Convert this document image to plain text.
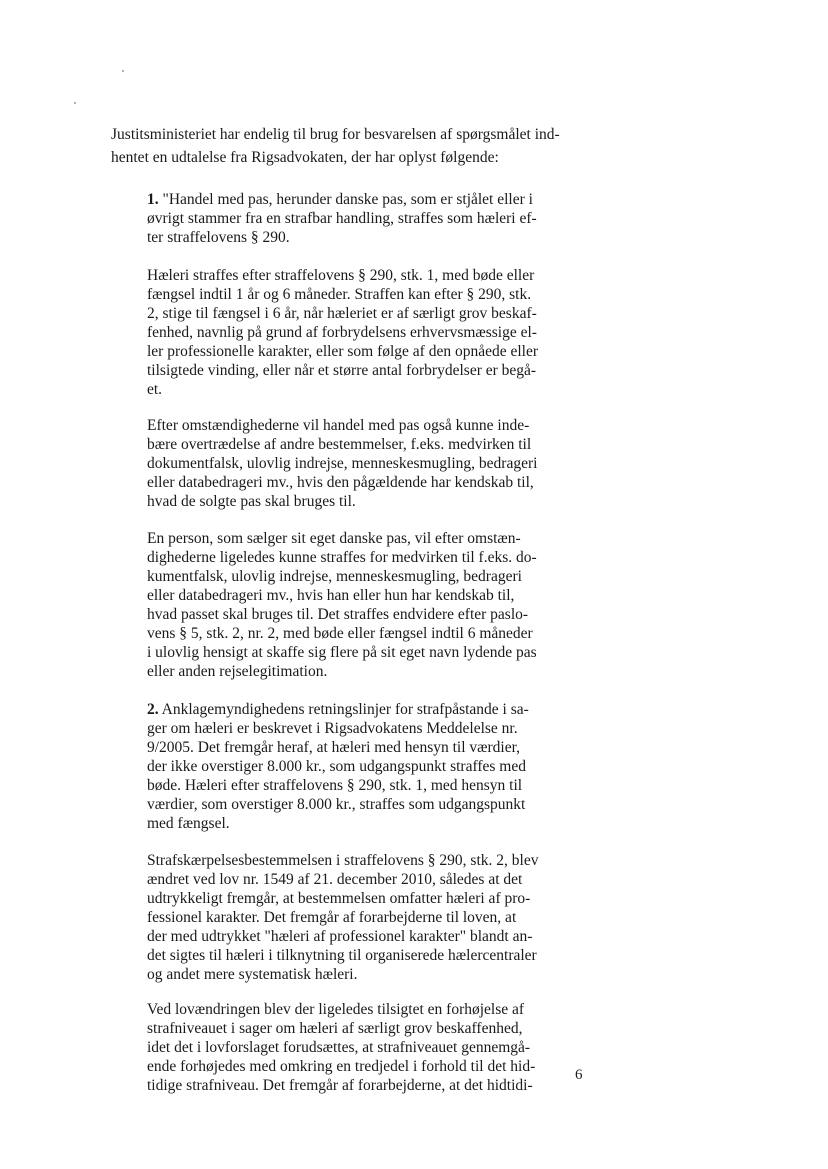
Justitsministeriet har endelig til brug for besvarelsen af spørgsmålet ind-
hentet en udtalelse fra Rigsadvokaten, der har oplyst følgende:
1. "Handel med pas, herunder danske pas, som er stjålet eller i
øvrigt stammer fra en strafbar handling, straffes som hæleri ef-
ter straffelovens § 290.
Hæleri straffes efter straffelovens § 290, stk. 1, med bøde eller
fængsel indtil 1 år og 6 måneder. Straffen kan efter § 290, stk.
2, stige til fængsel i 6 år, når hæleriet er af særligt grov beskaf-
fenhed, navnlig på grund af forbrydelsens erhvervsmæssige el-
ler professionelle karakter, eller som følge af den opnåede eller
tilsigtede vinding, eller når et større antal forbrydelser er begå-
et.
Efter omstændighederne vil handel med pas også kunne inde-
bære overtrædelse af andre bestemmelser, f.eks. medvirken til
dokumentfalsk, ulovlig indrejse, menneskesmugling, bedrageri
eller databedrageri mv., hvis den pågældende har kendskab til,
hvad de solgte pas skal bruges til.
En person, som sælger sit eget danske pas, vil efter omstæn-
dighederne ligeledes kunne straffes for medvirken til f.eks. do-
kumentfalsk, ulovlig indrejse, menneskesmugling, bedrageri
eller databedrageri mv., hvis han eller hun har kendskab til,
hvad passet skal bruges til. Det straffes endvidere efter paslo-
vens § 5, stk. 2, nr. 2, med bøde eller fængsel indtil 6 måneder
i ulovlig hensigt at skaffe sig flere på sit eget navn lydende pas
eller anden rejselegitimation.
2. Anklagemyndighedens retningslinjer for strafpåstande i sa-
ger om hæleri er beskrevet i Rigsadvokatens Meddelelse nr.
9/2005. Det fremgår heraf, at hæleri med hensyn til værdier,
der ikke overstiger 8.000 kr., som udgangspunkt straffes med
bøde. Hæleri efter straffelovens § 290, stk. 1, med hensyn til
værdier, som overstiger 8.000 kr., straffes som udgangspunkt
med fængsel.
Strafskærpelsesbestemmelsen i straffelovens § 290, stk. 2, blev
ændret ved lov nr. 1549 af 21. december 2010, således at det
udtrykkeligt fremgår, at bestemmelsen omfatter hæleri af pro-
fessionel karakter. Det fremgår af forarbejderne til loven, at
der med udtrykket "hæleri af professionel karakter" blandt an-
det sigtes til hæleri i tilknytning til organiserede hælercentraler
og andet mere systematisk hæleri.
Ved lovændringen blev der ligeledes tilsigtet en forhøjelse af
strafniveauet i sager om hæleri af særligt grov beskaffenhed,
idet det i lovforslaget forudsættes, at strafniveauet gennemgå-
ende forhøjedes med omkring en tredjedel i forhold til det hid-
tidige strafniveau. Det fremgår af forarbejderne, at det hidtidi-
6
